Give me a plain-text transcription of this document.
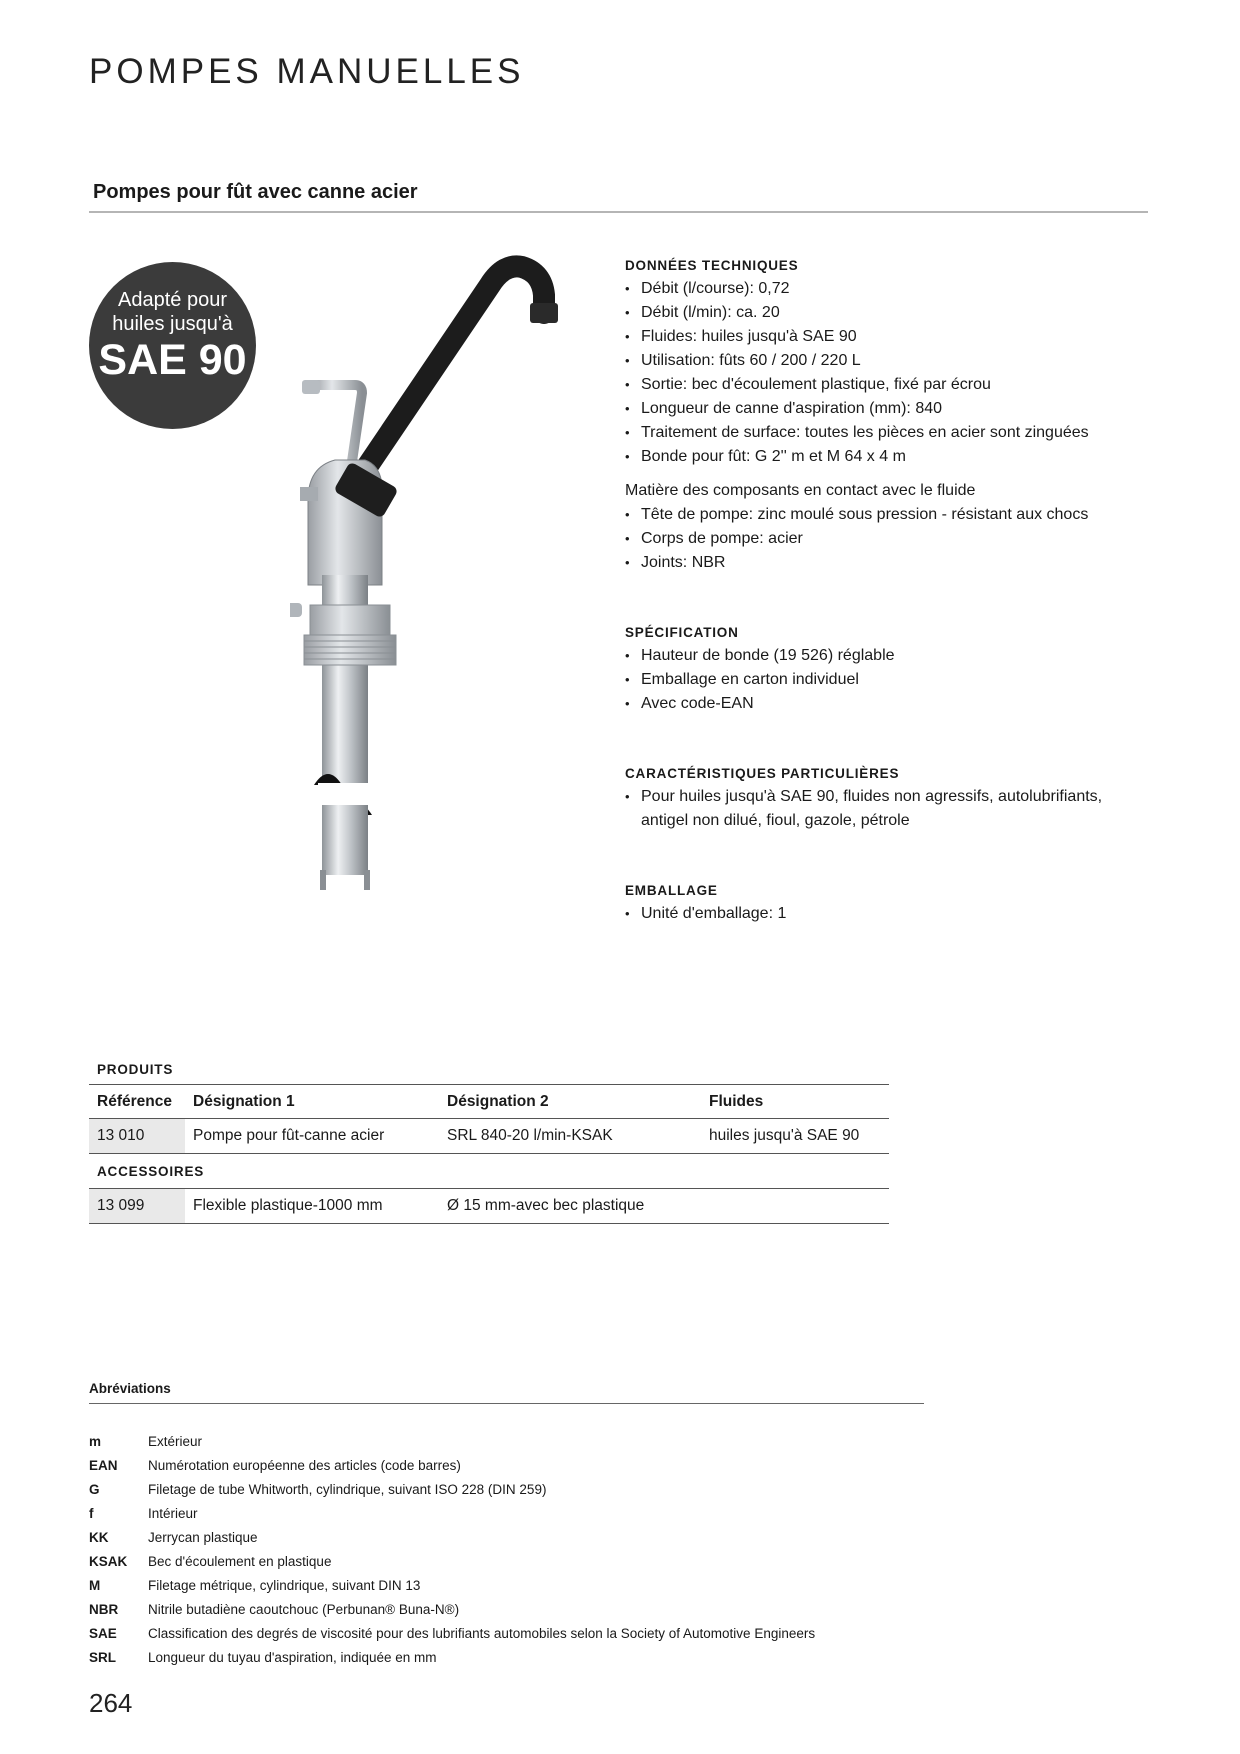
POMPES MANUELLES
Pompes pour fût avec canne acier
Adapté pour
huiles jusqu'à
SAE 90
DONNÉES TECHNIQUES
• Débit (l/course): 0,72
• Débit (l/min): ca. 20
• Fluides: huiles jusqu'à SAE 90
• Utilisation: fûts 60 / 200 / 220 L
• Sortie: bec d'écoulement plastique, fixé par écrou
• Longueur de canne d'aspiration (mm): 840
• Traitement de surface: toutes les pièces en acier sont zinguées
• Bonde pour fût: G 2'' m et M 64 x 4 m
Matière des composants en contact avec le fluide
• Tête de pompe: zinc moulé sous pression - résistant aux chocs
• Corps de pompe: acier
• Joints: NBR
SPÉCIFICATION
• Hauteur de bonde (19 526) réglable
• Emballage en carton individuel
• Avec code-EAN
CARACTÉRISTIQUES PARTICULIÈRES
• Pour huiles jusqu'à SAE 90, fluides non agressifs, autolubrifiants, antigel non dilué, fioul, gazole, pétrole
EMBALLAGE
• Unité d'emballage: 1
PRODUITS
Référence	Désignation 1	Désignation 2	Fluides
13 010	Pompe pour fût-canne acier	SRL 840-20 l/min-KSAK	huiles jusqu'à SAE 90
ACCESSOIRES
13 099	Flexible plastique-1000 mm	Ø 15 mm-avec bec plastique
Abréviations
m	Extérieur
EAN	Numérotation européenne des articles (code barres)
G	Filetage de tube Whitworth, cylindrique, suivant ISO 228 (DIN 259)
f	Intérieur
KK	Jerrycan plastique
KSAK	Bec d'écoulement en plastique
M	Filetage métrique, cylindrique, suivant DIN 13
NBR	Nitrile butadiène caoutchouc (Perbunan® Buna-N®)
SAE	Classification des degrés de viscosité pour des lubrifiants automobiles selon la Society of Automotive Engineers
SRL	Longueur du tuyau d'aspiration, indiquée en mm
264
